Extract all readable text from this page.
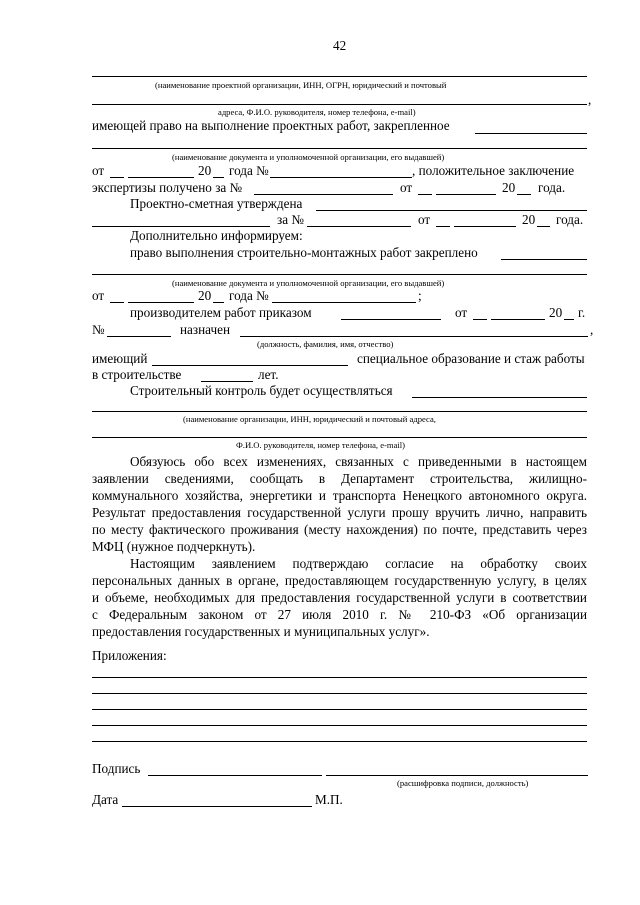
42
(наименование проектной организации, ИНН, ОГРН, юридический и почтовый
,
адреса, Ф.И.О. руководителя, номер телефона, e-mail)
имеющей право на выполнение проектных работ, закрепленное
(наименование документа и уполномоченной организации, его выдавшей)
от	20 года №	, положительное заключение
экспертизы получено за №	от	20 года.
Проектно-сметная утверждена
за №	от	20 года.
Дополнительно информируем:
право выполнения строительно-монтажных работ закреплено
(наименование документа и уполномоченной организации, его выдавшей)
от	20 года №	;
производителем работ приказом	от	20 г.
№	назначен	,
(должность, фамилия, имя, отчество)
имеющий	специальное образование и стаж работы
в строительстве	лет.
Строительный контроль будет осуществляться
(наименование организации, ИНН, юридический и почтовый адреса,
Ф.И.О. руководителя, номер телефона, e-mail)
Обязуюсь обо всех изменениях, связанных с приведенными в настоящем
заявлении сведениями, сообщать в Департамент строительства, жилищно-
коммунального хозяйства, энергетики и транспорта Ненецкого автономного округа.
Результат предоставления государственной услуги прошу вручить лично, направить
по месту фактического проживания (месту нахождения) по почте, представить через
МФЦ (нужное подчеркнуть).
Настоящим заявлением подтверждаю согласие на обработку своих
персональных данных в органе, предоставляющем государственную услугу, в целях
и объеме, необходимых для предоставления государственной услуги в соответствии
с Федеральным законом от 27 июля 2010 г. № 210-ФЗ «Об организации
предоставления государственных и муниципальных услуг».
Приложения:
Подпись
(расшифровка подписи, должность)
Дата	М.П.
